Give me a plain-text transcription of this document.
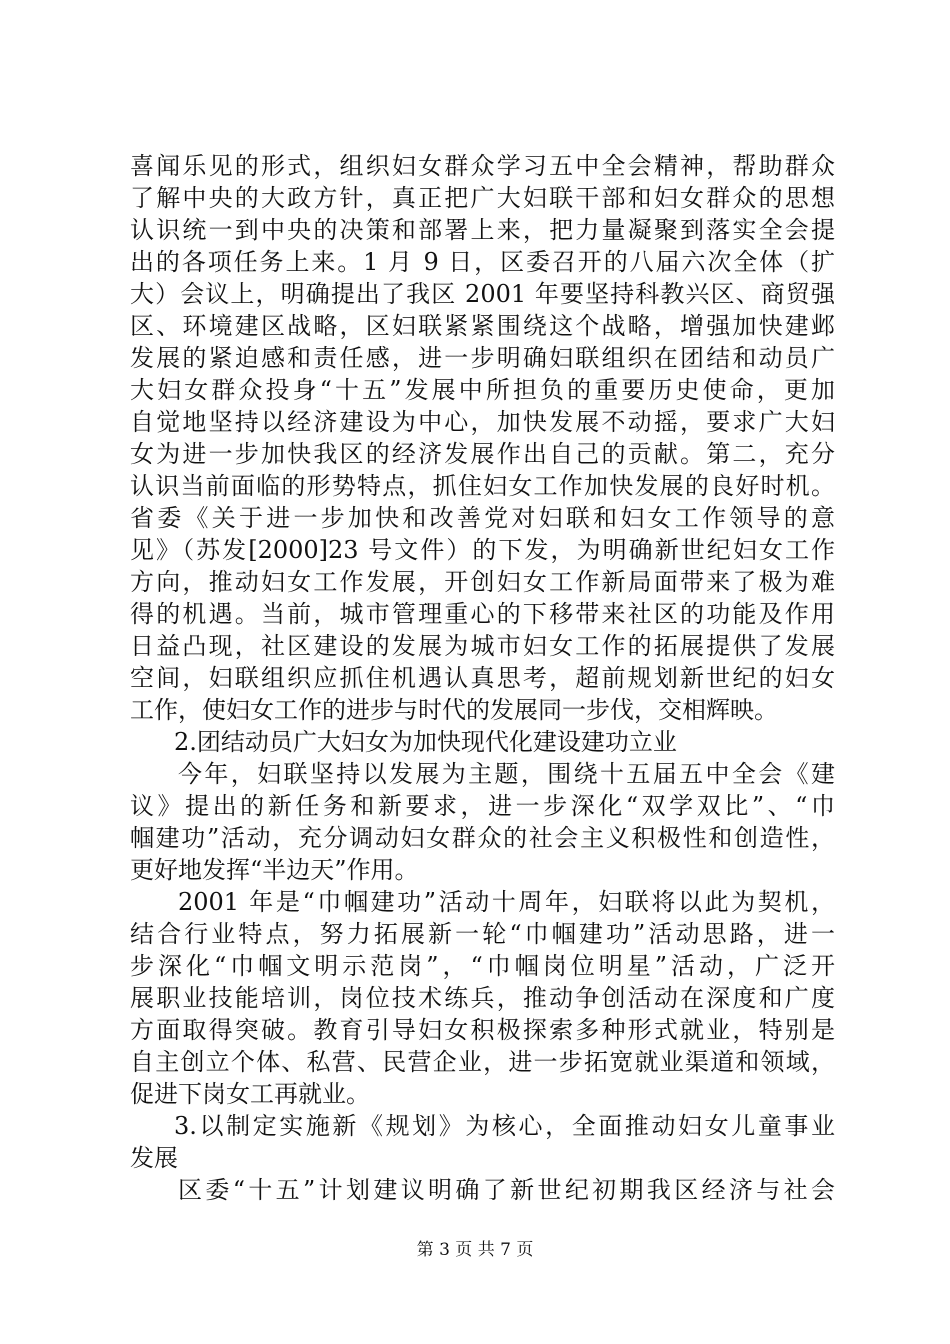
喜闻乐见的形式，组织妇女群众学习五中全会精神，帮助群众
了解中央的大政方针，真正把广大妇联干部和妇女群众的思想
认识统一到中央的决策和部署上来，把力量凝聚到落实全会提
出的各项任务上来。1 月 9 日，区委召开的八届六次全体（扩
大）会议上，明确提出了我区 2001 年要坚持科教兴区、商贸强
区、环境建区战略，区妇联紧紧围绕这个战略，增强加快建邺
发展的紧迫感和责任感，进一步明确妇联组织在团结和动员广
大妇女群众投身“十五”发展中所担负的重要历史使命，更加
自觉地坚持以经济建设为中心，加快发展不动摇，要求广大妇
女为进一步加快我区的经济发展作出自己的贡献。第二，充分
认识当前面临的形势特点，抓住妇女工作加快发展的良好时机。
省委《关于进一步加快和改善党对妇联和妇女工作领导的意
见》（苏发[2000]23 号文件）的下发，为明确新世纪妇女工作
方向，推动妇女工作发展，开创妇女工作新局面带来了极为难
得的机遇。当前，城市管理重心的下移带来社区的功能及作用
日益凸现，社区建设的发展为城市妇女工作的拓展提供了发展
空间，妇联组织应抓住机遇认真思考，超前规划新世纪的妇女
工作，使妇女工作的进步与时代的发展同一步伐，交相辉映。
2.团结动员广大妇女为加快现代化建设建功立业
今年，妇联坚持以发展为主题，围绕十五届五中全会《建
议》提出的新任务和新要求，进一步深化“双学双比”、“巾
帼建功”活动，充分调动妇女群众的社会主义积极性和创造性，
更好地发挥“半边天”作用。
2001 年是“巾帼建功”活动十周年，妇联将以此为契机，
结合行业特点，努力拓展新一轮“巾帼建功”活动思路，进一
步深化“巾帼文明示范岗”，“巾帼岗位明星”活动，广泛开
展职业技能培训，岗位技术练兵，推动争创活动在深度和广度
方面取得突破。教育引导妇女积极探索多种形式就业，特别是
自主创立个体、私营、民营企业，进一步拓宽就业渠道和领域，
促进下岗女工再就业。
3.以制定实施新《规划》为核心，全面推动妇女儿童事业
发展
区委“十五”计划建议明确了新世纪初期我区经济与社会
第 3 页 共 7 页
